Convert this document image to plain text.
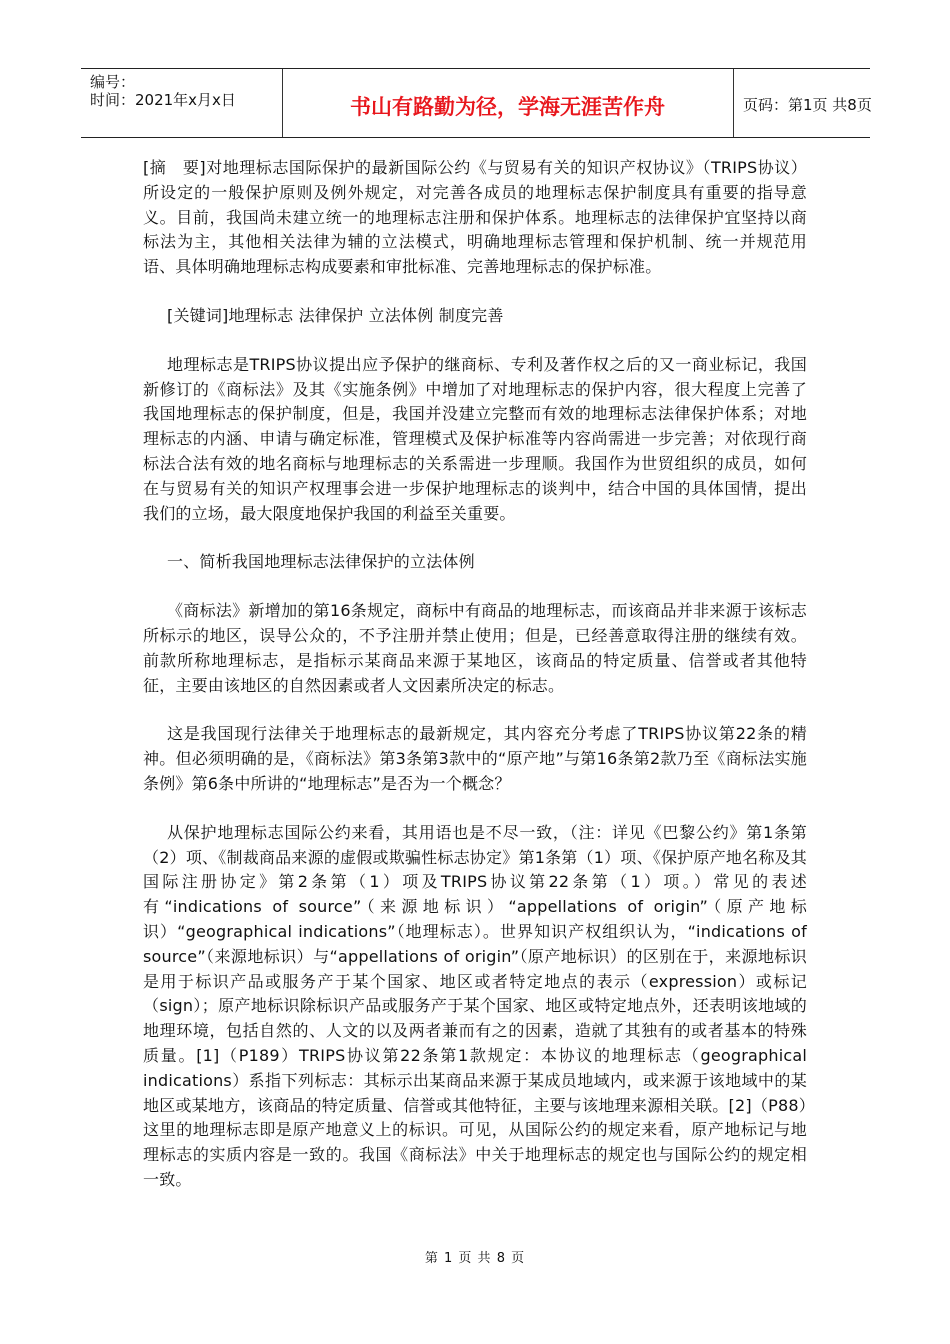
编号：
时间：2021年x月x日	书山有路勤为径，学海无涯苦作舟	页码：第1页 共8页

[摘　要]对地理标志国际保护的最新国际公约《与贸易有关的知识产权协议》（TRIPS协议）所设定的一般保护原则及例外规定，对完善各成员的地理标志保护制度具有重要的指导意义。目前，我国尚未建立统一的地理标志注册和保护体系。地理标志的法律保护宜坚持以商标法为主，其他相关法律为辅的立法模式，明确地理标志管理和保护机制、统一并规范用语、具体明确地理标志构成要素和审批标准、完善地理标志的保护标准。

[关键词]地理标志 法律保护 立法体例 制度完善

地理标志是TRIPS协议提出应予保护的继商标、专利及著作权之后的又一商业标记，我国新修订的《商标法》及其《实施条例》中增加了对地理标志的保护内容，很大程度上完善了我国地理标志的保护制度，但是，我国并没建立完整而有效的地理标志法律保护体系；对地理标志的内涵、申请与确定标准，管理模式及保护标准等内容尚需进一步完善；对依现行商标法合法有效的地名商标与地理标志的关系需进一步理顺。我国作为世贸组织的成员，如何在与贸易有关的知识产权理事会进一步保护地理标志的谈判中，结合中国的具体国情，提出我们的立场，最大限度地保护我国的利益至关重要。

一、简析我国地理标志法律保护的立法体例

《商标法》新增加的第16条规定，商标中有商品的地理标志，而该商品并非来源于该标志所标示的地区，误导公众的，不予注册并禁止使用；但是，已经善意取得注册的继续有效。前款所称地理标志，是指标示某商品来源于某地区，该商品的特定质量、信誉或者其他特征，主要由该地区的自然因素或者人文因素所决定的标志。

这是我国现行法律关于地理标志的最新规定，其内容充分考虑了TRIPS协议第22条的精神。但必须明确的是，《商标法》第3条第3款中的“原产地”与第16条第2款乃至《商标法实施条例》第6条中所讲的“地理标志”是否为一个概念？

从保护地理标志国际公约来看，其用语也是不尽一致，（注：详见《巴黎公约》第1条第（2）项、《制裁商品来源的虚假或欺骗性标志协定》第1条第（1）项、《保护原产地名称及其国际注册协定》第2条第（1）项及TRIPS协议第22条第（1）项。）常见的表述有“indications of source”（来源地标识）“appellations of origin”（原产地标识）“geographical indications”（地理标志）。世界知识产权组织认为，“indications of　source”（来源地标识）与“appellations of origin”（原产地标识）的区别在于，来源地标识是用于标识产品或服务产于某个国家、地区或者特定地点的表示（expression）或标记（sign）；原产地标识除标识产品或服务产于某个国家、地区或特定地点外，还表明该地域的地理环境，包括自然的、人文的以及两者兼而有之的因素，造就了其独有的或者基本的特殊质量。[1]（P189）TRIPS协议第22条第1款规定：本协议的地理标志（geographical indications）系指下列标志：其标示出某商品来源于某成员地域内，或来源于该地域中的某地区或某地方，该商品的特定质量、信誉或其他特征，主要与该地理来源相关联。[2]（P88）这里的地理标志即是原产地意义上的标识。可见，从国际公约的规定来看，原产地标记与地理标志的实质内容是一致的。我国《商标法》中关于地理标志的规定也与国际公约的规定相一致。

第 1 页 共 8 页
